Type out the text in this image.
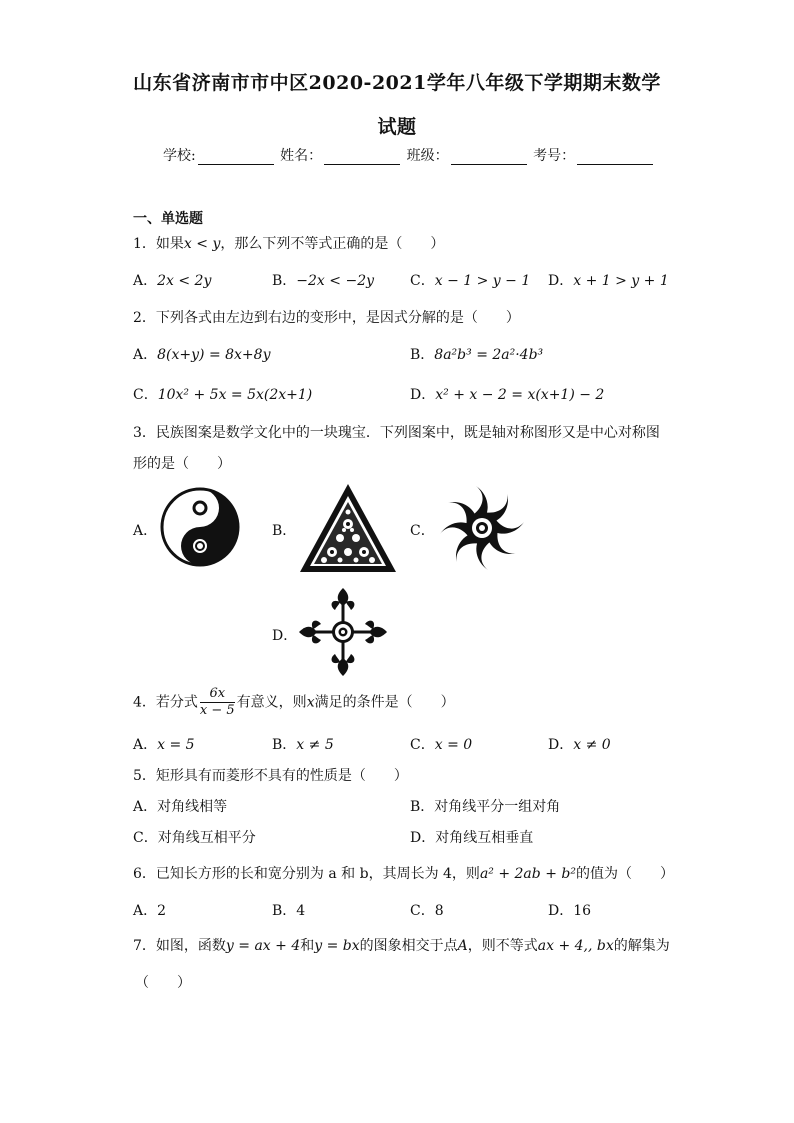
山东省济南市市中区2020-2021学年八年级下学期期末数学
试题
学校:	姓名：	班级：	考号：
一、单选题
1．如果x < y，那么下列不等式正确的是（　　）
A．2x < 2y	B．−2x < −2y	C．x − 1 > y − 1 D．x + 1 > y + 1
2．下列各式由左边到右边的变形中，是因式分解的是（　　）
A．8(x+y) = 8x+8y	B．8a²b³ = 2a²·4b³
C．10x² + 5x = 5x(2x+1)	D．x² + x − 2 = x(x+1) − 2
3．民族图案是数学文化中的一块瑰宝．下列图案中，既是轴对称图形又是中心对称图
形的是（　　）
A．	B．	C．
D．
4．若分式 $\frac{6x}{x - 5}$ 有意义，则x满足的条件是（　　）
A．x = 5	B．x ≠ 5	C．x = 0	D．x ≠ 0
5．矩形具有而菱形不具有的性质是（　　）
A．对角线相等	B．对角线平分一组对角
C．对角线互相平分	D．对角线互相垂直
6．已知长方形的长和宽分别为 a 和 b，其周长为 4，则a² + 2ab + b²的值为（　　）
A．2	B．4	C．8	D．16
7．如图，函数y = ax + 4和y = bx的图象相交于点A，则不等式ax + 4,, bx的解集为
（　　）
